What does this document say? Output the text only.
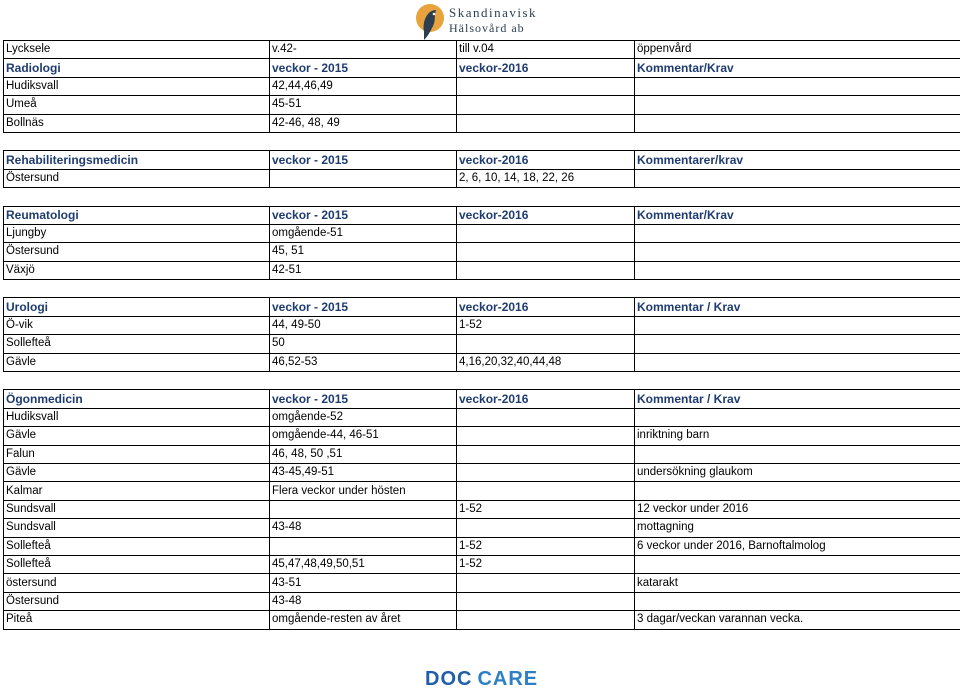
Skandinavisk
Hälsovård ab
Lycksele	v.42-	till v.04	öppenvård
Radiologi	veckor - 2015	veckor-2016	Kommentar/Krav
Hudiksvall	42,44,46,49		
Umeå	45-51		
Bollnäs	42-46, 48, 49		

Rehabiliteringsmedicin	veckor - 2015	veckor-2016	Kommentarer/krav
Östersund		2, 6, 10, 14, 18, 22, 26	

Reumatologi	veckor - 2015	veckor-2016	Kommentar/Krav
Ljungby	omgående-51		
Östersund	45, 51		
Växjö	42-51		

Urologi	veckor - 2015	veckor-2016	Kommentar / Krav
Ö-vik	44, 49-50	1-52	
Sollefteå	50		
Gävle	46,52-53	4,16,20,32,40,44,48	

Ögonmedicin	veckor - 2015	veckor-2016	Kommentar / Krav
Hudiksvall	omgående-52		
Gävle	omgående-44, 46-51		inriktning barn
Falun	46, 48, 50 ,51		
Gävle	43-45,49-51		undersökning glaukom
Kalmar	Flera veckor under hösten		
Sundsvall		1-52	12 veckor under 2016
Sundsvall	43-48		mottagning
Sollefteå		1-52	6 veckor under 2016, Barnoftalmolog
Sollefteå	45,47,48,49,50,51	1-52	
östersund	43-51		katarakt
Östersund	43-48		
Piteå	omgående-resten av året		3 dagar/veckan varannan vecka.
DOC  CARE
